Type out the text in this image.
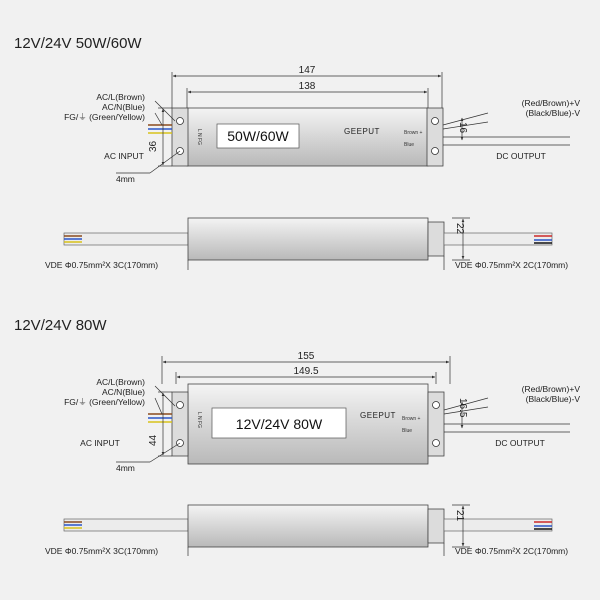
12V/24V 50W/60W
147
138
50W/60W	GEEPUT	Brown +
Blue
L N FG
AC/L(Brown)
AC/N(Blue)
FG/⏚ (Green/Yellow)
AC INPUT
36
4mm
16
(Red/Brown)+V
(Black/Blue)-V
DC OUTPUT
22
VDE Φ0.75mm²X 3C(170mm)	VDE Φ0.75mm²X 2C(170mm)
12V/24V 80W
155
149.5
12V/24V 80W
GEEPUT Brown +
Blue
L N FG
AC/L(Brown)
AC/N(Blue)
FG/⏚ (Green/Yellow)
AC INPUT	44
4mm
16.5
(Red/Brown)+V
(Black/Blue)-V
DC OUTPUT
21
VDE Φ0.75mm²X 3C(170mm)	VDE Φ0.75mm²X 2C(170mm)
